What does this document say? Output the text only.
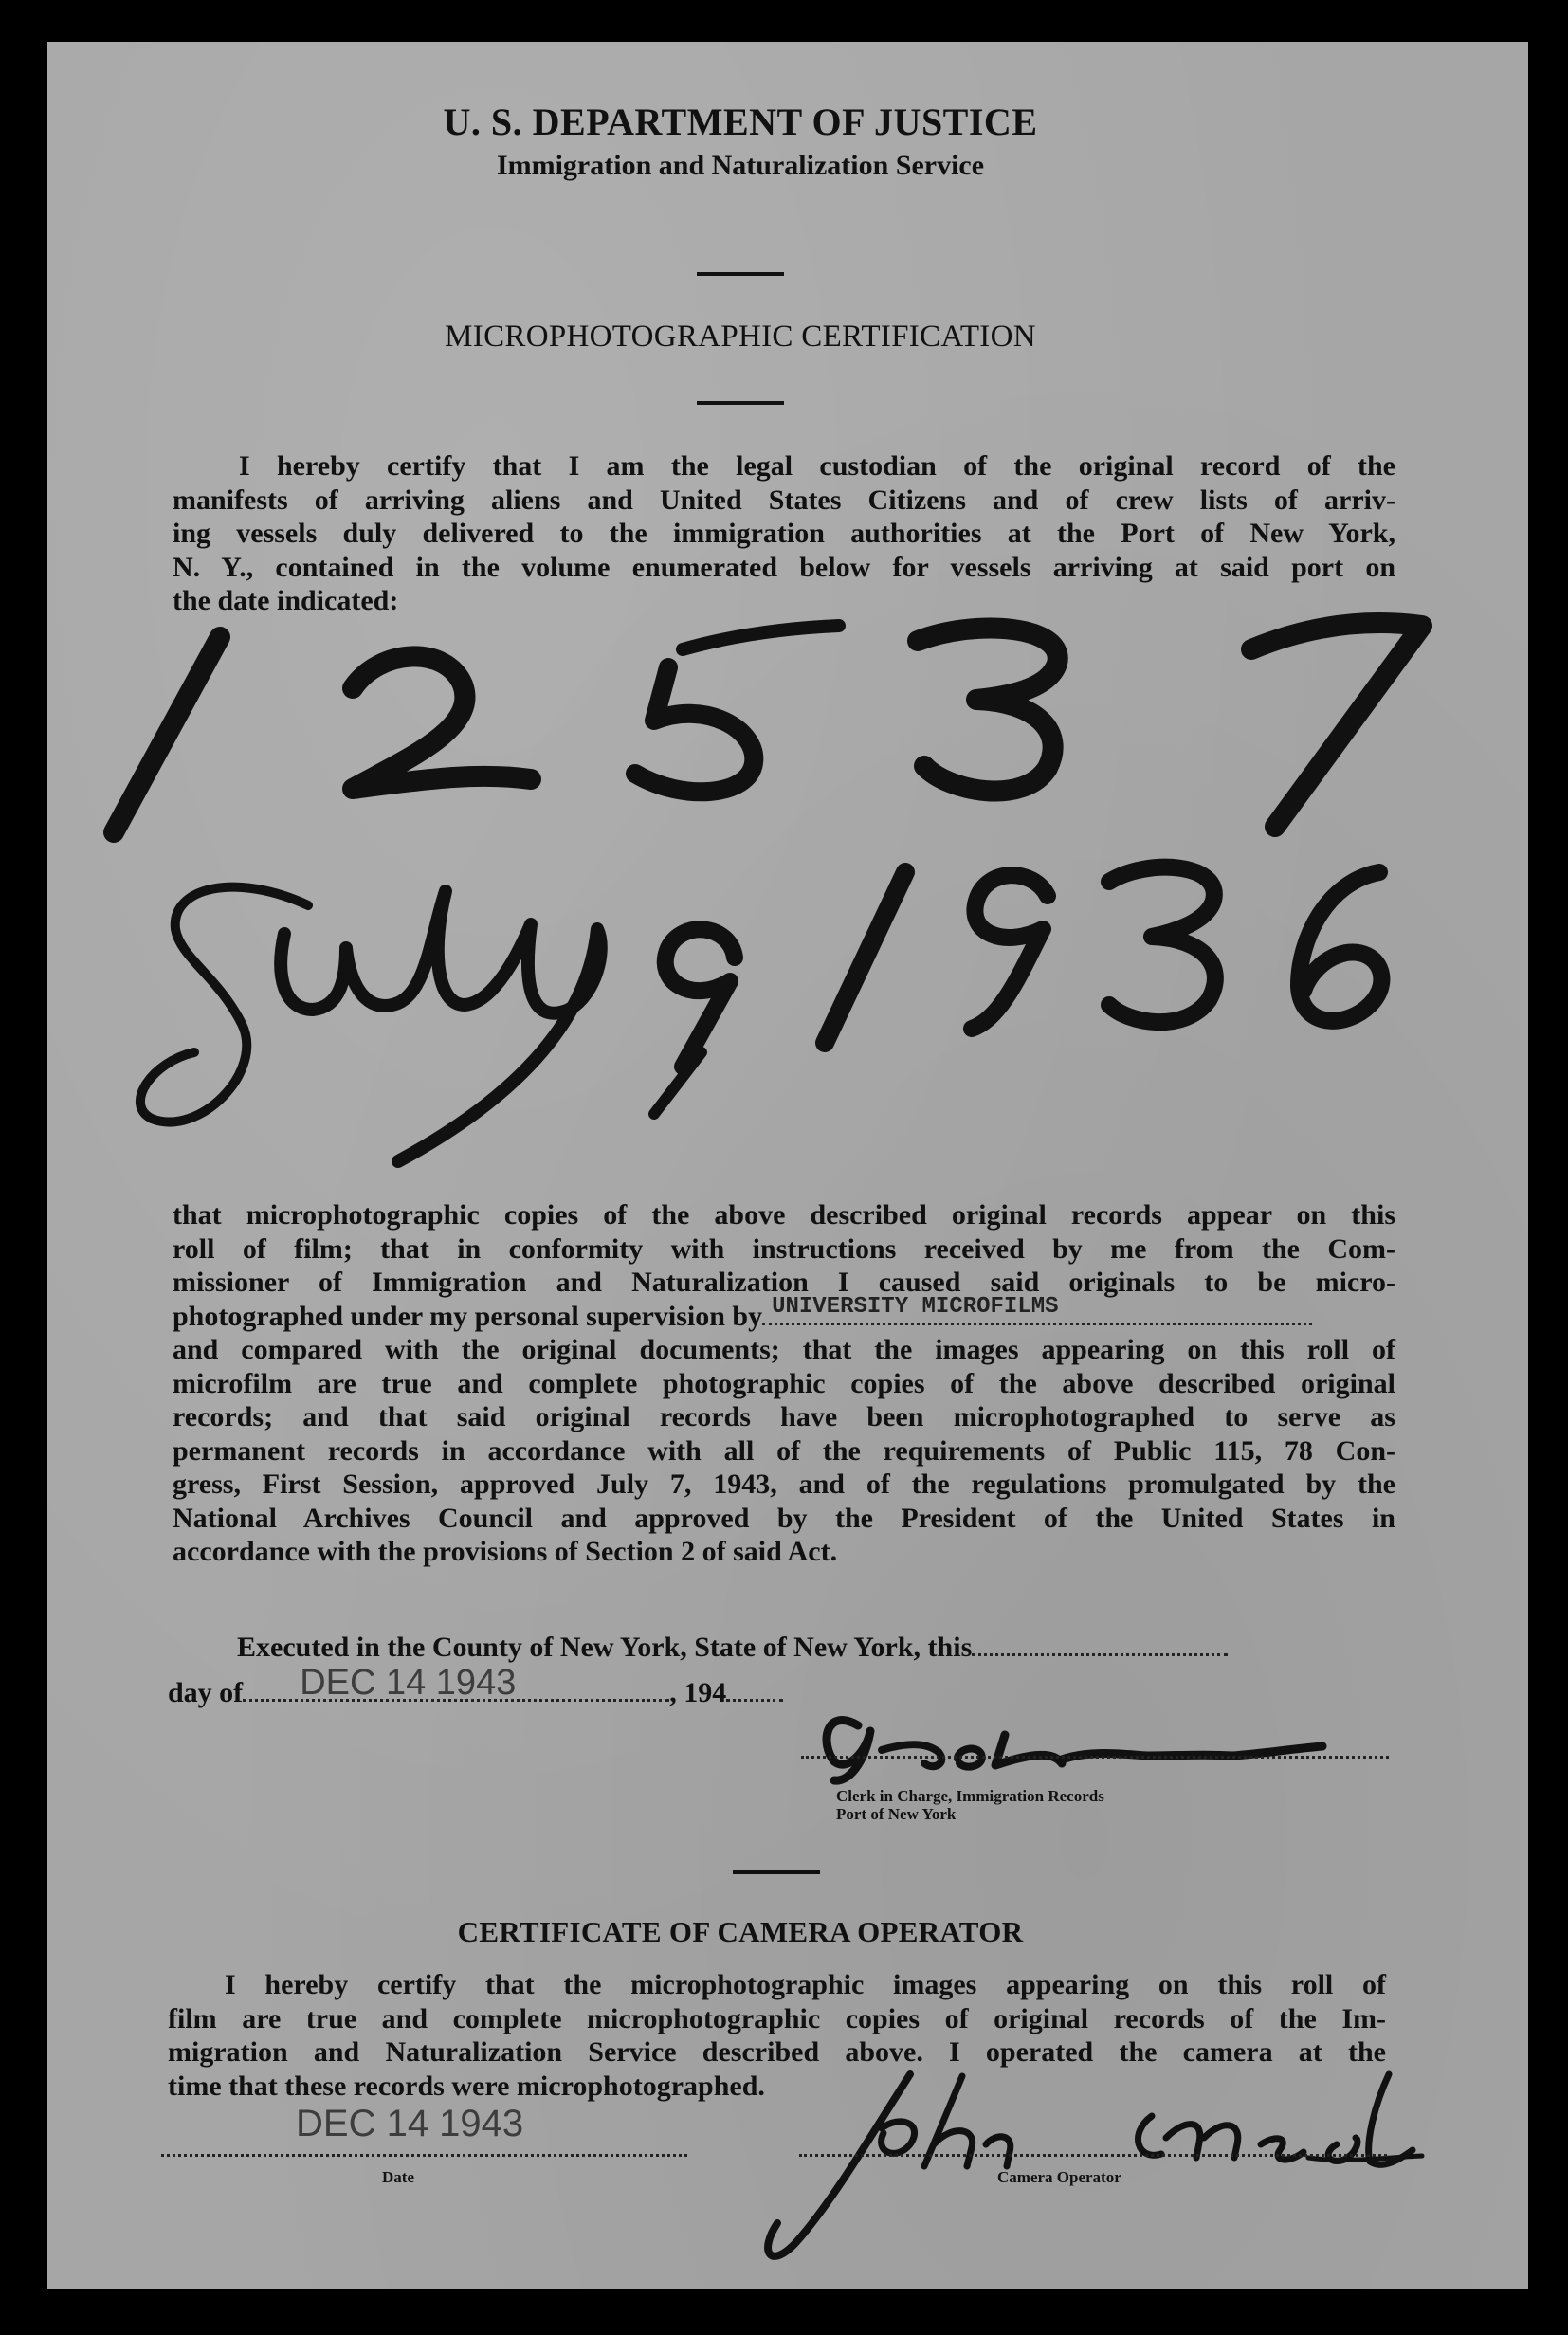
U. S. DEPARTMENT OF JUSTICE
Immigration and Naturalization Service
MICROPHOTOGRAPHIC CERTIFICATION
I hereby certify that I am the legal custodian of the original record of the
manifests of arriving aliens and United States Citizens and of crew lists of arriv-
ing vessels duly delivered to the immigration authorities at the Port of New York,
N. Y., contained in the volume enumerated below for vessels arriving at said port on
the date indicated:
that microphotographic copies of the above described original records appear on this
roll of film; that in conformity with instructions received by me from the Com-
missioner of Immigration and Naturalization I caused said originals to be micro-
photographed under my personal supervision by UNIVERSITY MICROFILMS
and compared with the original documents; that the images appearing on this roll of
microfilm are true and complete photographic copies of the above described original
records; and that said original records have been microphotographed to serve as
permanent records in accordance with all of the requirements of Public 115, 78 Con-
gress, First Session, approved July 7, 1943, and of the regulations promulgated by the
National Archives Council and approved by the President of the United States in
accordance with the provisions of Section 2 of said Act.
Executed in the County of New York, State of New York, this
day of DEC 14 1943	, 194
Clerk in Charge, Immigration Records
Port of New York
CERTIFICATE OF CAMERA OPERATOR
I hereby certify that the microphotographic images appearing on this roll of
film are true and complete microphotographic copies of original records of the Im-
migration and Naturalization Service described above. I operated the camera at the
time that these records were microphotographed.
DEC 14 1943
Date	Camera Operator
